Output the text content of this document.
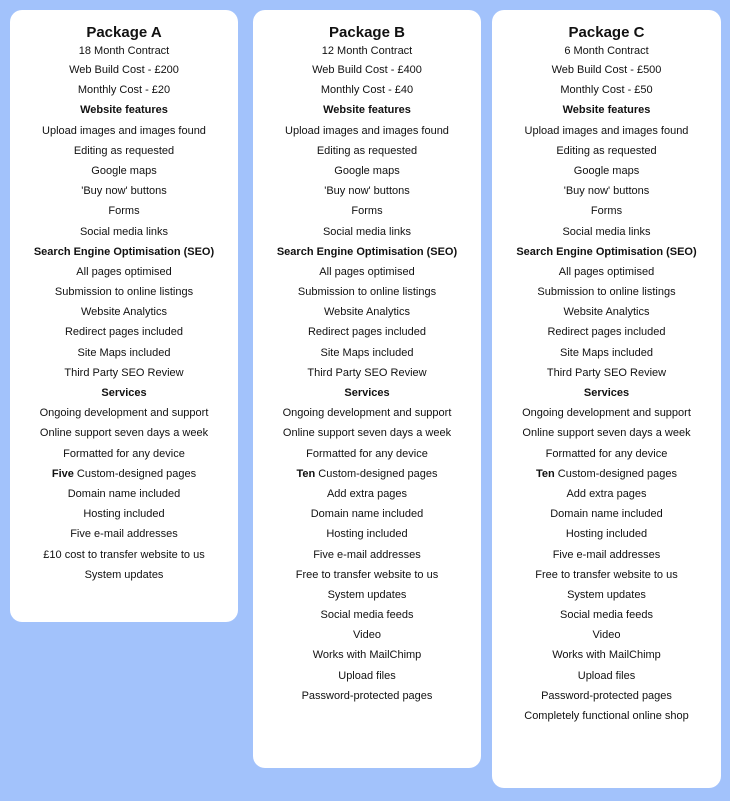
Package A
18 Month Contract
Web Build Cost - £200
Monthly Cost - £20
Website features
Upload images and images found
Editing as requested
Google maps
'Buy now' buttons
Forms
Social media links
Search Engine Optimisation (SEO)
All pages optimised
Submission to online listings
Website Analytics
Redirect pages included
Site Maps included
Third Party SEO Review
Services
Ongoing development and support
Online support seven days a week
Formatted for any device
Five Custom-designed pages
Domain name included
Hosting included
Five e-mail addresses
£10 cost to transfer website to us
System updates
Package B
12 Month Contract
Web Build Cost - £400
Monthly Cost - £40
Website features
Upload images and images found
Editing as requested
Google maps
'Buy now' buttons
Forms
Social media links
Search Engine Optimisation (SEO)
All pages optimised
Submission to online listings
Website Analytics
Redirect pages included
Site Maps included
Third Party SEO Review
Services
Ongoing development and support
Online support seven days a week
Formatted for any device
Ten Custom-designed pages
Add extra pages
Domain name included
Hosting included
Five e-mail addresses
Free to transfer website to us
System updates
Social media feeds
Video
Works with MailChimp
Upload files
Password-protected pages
Package C
6 Month Contract
Web Build Cost - £500
Monthly Cost - £50
Website features
Upload images and images found
Editing as requested
Google maps
'Buy now' buttons
Forms
Social media links
Search Engine Optimisation (SEO)
All pages optimised
Submission to online listings
Website Analytics
Redirect pages included
Site Maps included
Third Party SEO Review
Services
Ongoing development and support
Online support seven days a week
Formatted for any device
Ten Custom-designed pages
Add extra pages
Domain name included
Hosting included
Five e-mail addresses
Free to transfer website to us
System updates
Social media feeds
Video
Works with MailChimp
Upload files
Password-protected pages
Completely functional online shop
